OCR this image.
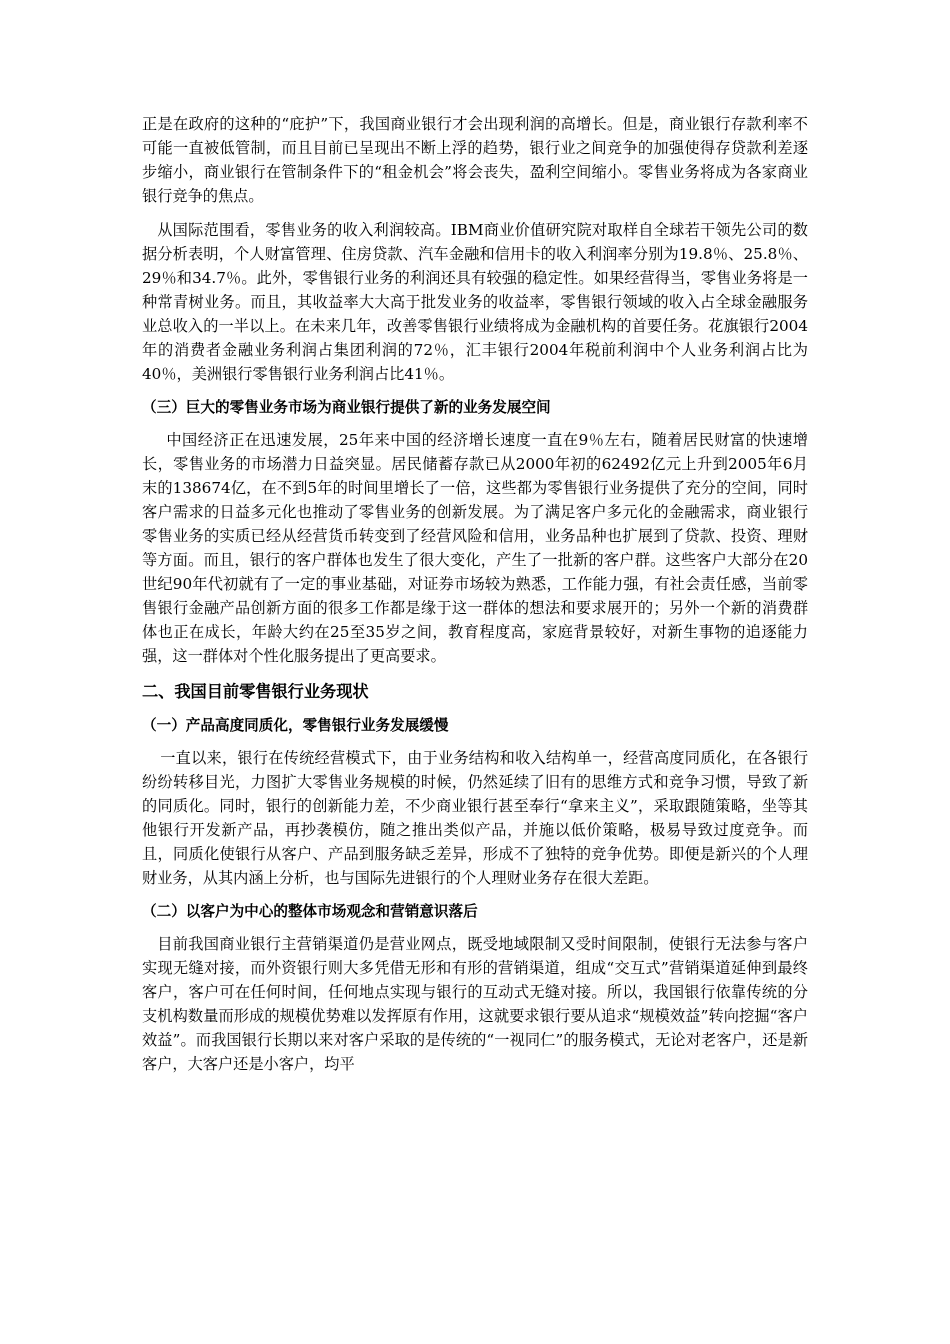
正是在政府的这种的“庇护”下，我国商业银行才会出现利润的高增长。但是，商业银行存款利率不可能一直被低管制，而且目前已呈现出不断上浮的趋势，银行业之间竞争的加强使得存贷款利差逐步缩小，商业银行在管制条件下的“租金机会”将会丧失，盈利空间缩小。零售业务将成为各家商业银行竞争的焦点。

从国际范围看，零售业务的收入利润较高。IBM商业价值研究院对取样自全球若干领先公司的数据分析表明，个人财富管理、住房贷款、汽车金融和信用卡的收入利润率分别为19.8％、25.8％、29％和34.7％。此外，零售银行业务的利润还具有较强的稳定性。如果经营得当，零售业务将是一种常青树业务。而且，其收益率大大高于批发业务的收益率，零售银行领域的收入占全球金融服务业总收入的一半以上。在未来几年，改善零售银行业绩将成为金融机构的首要任务。花旗银行2004年的消费者金融业务利润占集团利润的72％，汇丰银行2004年税前利润中个人业务利润占比为40％，美洲银行零售银行业务利润占比41％。

（三）巨大的零售业务市场为商业银行提供了新的业务发展空间

中国经济正在迅速发展，25年来中国的经济增长速度一直在9％左右，随着居民财富的快速增长，零售业务的市场潜力日益突显。居民储蓄存款已从2000年初的62492亿元上升到2005年6月末的138674亿，在不到5年的时间里增长了一倍，这些都为零售银行业务提供了充分的空间，同时客户需求的日益多元化也推动了零售业务的创新发展。为了满足客户多元化的金融需求，商业银行零售业务的实质已经从经营货币转变到了经营风险和信用，业务品种也扩展到了贷款、投资、理财等方面。而且，银行的客户群体也发生了很大变化，产生了一批新的客户群。这些客户大部分在20世纪90年代初就有了一定的事业基础，对证券市场较为熟悉，工作能力强，有社会责任感，当前零售银行金融产品创新方面的很多工作都是缘于这一群体的想法和要求展开的；另外一个新的消费群体也正在成长，年龄大约在25至35岁之间，教育程度高，家庭背景较好，对新生事物的追逐能力强，这一群体对个性化服务提出了更高要求。

二、我国目前零售银行业务现状

（一）产品高度同质化，零售银行业务发展缓慢

一直以来，银行在传统经营模式下，由于业务结构和收入结构单一，经营高度同质化，在各银行纷纷转移目光，力图扩大零售业务规模的时候，仍然延续了旧有的思维方式和竞争习惯，导致了新的同质化。同时，银行的创新能力差，不少商业银行甚至奉行“拿来主义”，采取跟随策略，坐等其他银行开发新产品，再抄袭模仿，随之推出类似产品，并施以低价策略，极易导致过度竞争。而且，同质化使银行从客户、产品到服务缺乏差异，形成不了独特的竞争优势。即便是新兴的个人理财业务，从其内涵上分析，也与国际先进银行的个人理财业务存在很大差距。

（二）以客户为中心的整体市场观念和营销意识落后

目前我国商业银行主营销渠道仍是营业网点，既受地域限制又受时间限制，使银行无法参与客户实现无缝对接，而外资银行则大多凭借无形和有形的营销渠道，组成“交互式”营销渠道延伸到最终客户，客户可在任何时间，任何地点实现与银行的互动式无缝对接。所以，我国银行依靠传统的分支机构数量而形成的规模优势难以发挥原有作用，这就要求银行要从追求“规模效益”转向挖掘“客户效益”。而我国银行长期以来对客户采取的是传统的“一视同仁”的服务模式，无论对老客户，还是新客户，大客户还是小客户，均平
